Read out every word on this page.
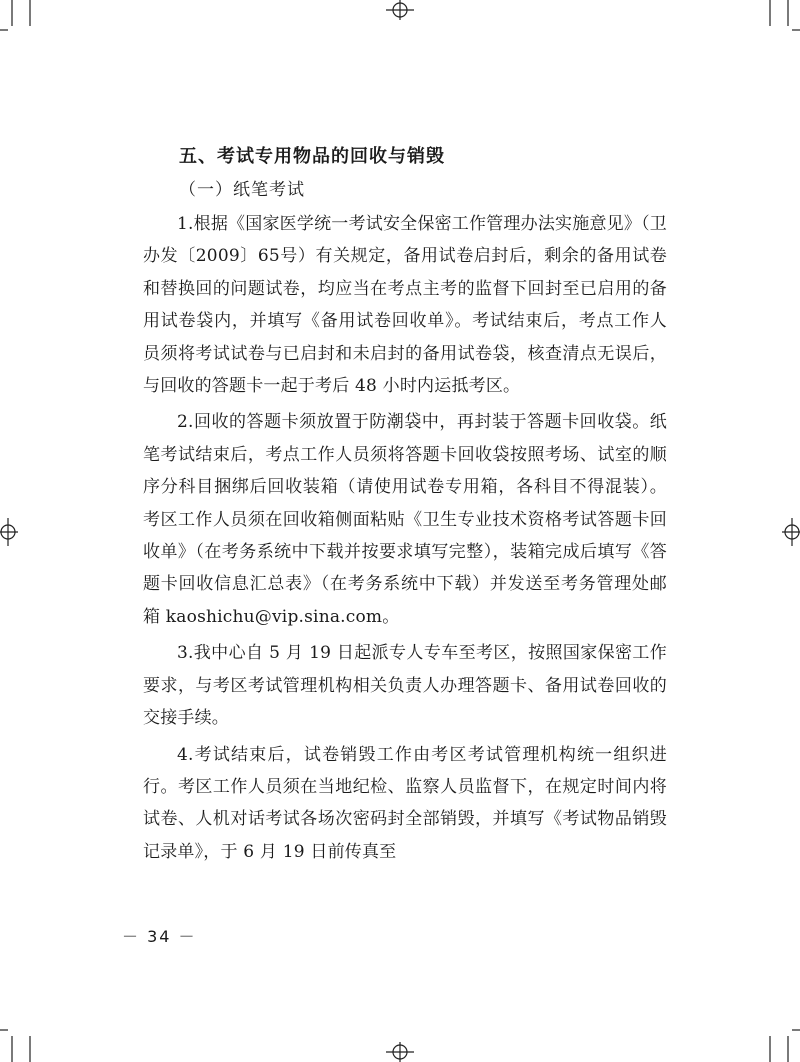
五、考试专用物品的回收与销毁
（一）纸笔考试

1.根据《国家医学统一考试安全保密工作管理办法实施意见》（卫办发〔2009〕65号）有关规定，备用试卷启封后，剩余的备用试卷和替换回的问题试卷，均应当在考点主考的监督下回封至已启用的备用试卷袋内，并填写《备用试卷回收单》。考试结束后，考点工作人员须将考试试卷与已启封和未启封的备用试卷袋，核查清点无误后，与回收的答题卡一起于考后 48 小时内运抵考区。

2.回收的答题卡须放置于防潮袋中，再封装于答题卡回收袋。纸笔考试结束后，考点工作人员须将答题卡回收袋按照考场、试室的顺序分科目捆绑后回收装箱（请使用试卷专用箱，各科目不得混装）。考区工作人员须在回收箱侧面粘贴《卫生专业技术资格考试答题卡回收单》（在考务系统中下载并按要求填写完整），装箱完成后填写《答题卡回收信息汇总表》（在考务系统中下载）并发送至考务管理处邮箱 kaoshichu@vip.sina.com。

3.我中心自 5 月 19 日起派专人专车至考区，按照国家保密工作要求，与考区考试管理机构相关负责人办理答题卡、备用试卷回收的交接手续。

4.考试结束后，试卷销毁工作由考区考试管理机构统一组织进行。考区工作人员须在当地纪检、监察人员监督下，在规定时间内将试卷、人机对话考试各场次密码封全部销毁，并填写《考试物品销毁记录单》，于 6 月 19 日前传真至

－ 34 －
